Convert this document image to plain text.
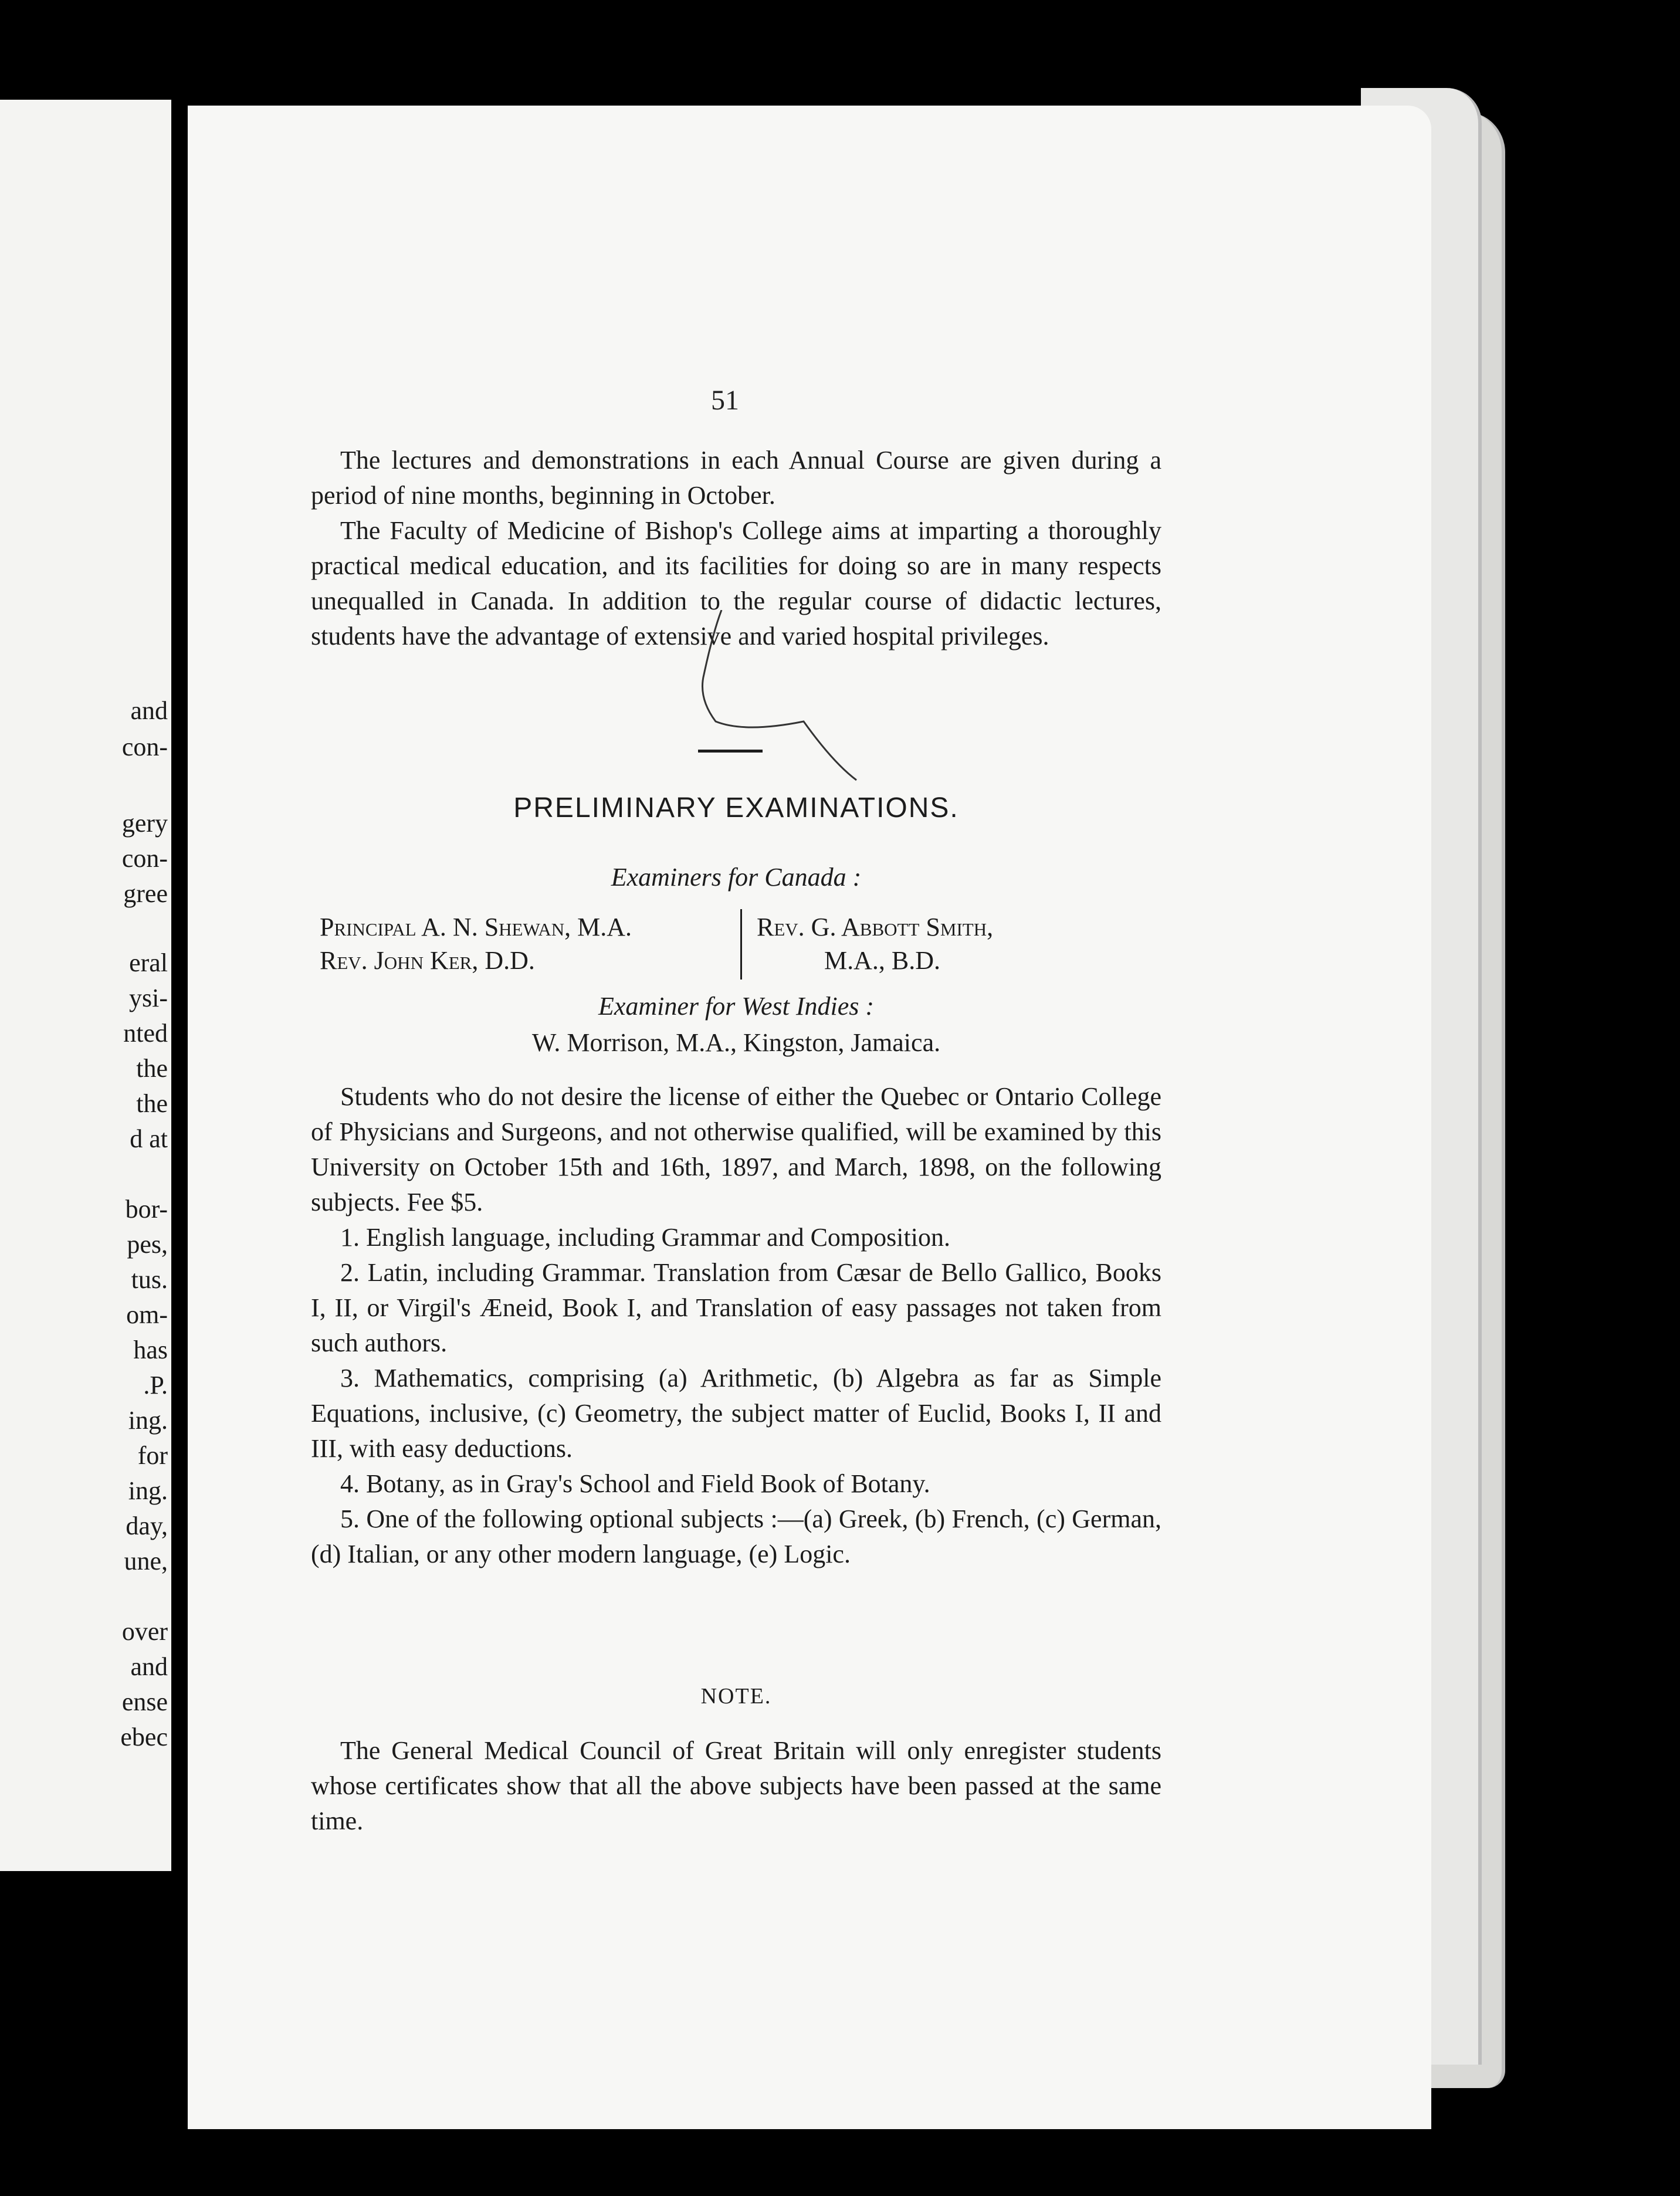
and
con-
gery
con-
gree
eral
ysi-
nted
the
the
d at
bor-
pes,
tus.
om-
has
.P.
ing.
for
ing.
day,
une,
over
and
ense
ebec
51

The lectures and demonstrations in each Annual Course are given during a period of nine months, beginning in October.

The Faculty of Medicine of Bishop's College aims at imparting a thoroughly practical medical education, and its facilities for doing so are in many respects unequalled in Canada. In addition to the regular course of didactic lectures, students have the advantage of extensive and varied hospital privileges.

PRELIMINARY EXAMINATIONS.
Examiners for Canada :
Principal A. N. Shewan, M.A.
Rev. John Ker, D.D.
Rev. G. Abbott Smith,
M.A., B.D.
Examiner for West Indies :
W. Morrison, M.A., Kingston, Jamaica.

Students who do not desire the license of either the Quebec or Ontario College of Physicians and Surgeons, and not otherwise qualified, will be examined by this University on October 15th and 16th, 1897, and March, 1898, on the following subjects. Fee $5.

1. English language, including Grammar and Composition.

2. Latin, including Grammar. Translation from Cæsar de Bello Gallico, Books I, II, or Virgil's Æneid, Book I, and Translation of easy passages not taken from such authors.

3. Mathematics, comprising (a) Arithmetic, (b) Algebra as far as Simple Equations, inclusive, (c) Geometry, the subject matter of Euclid, Books I, II and III, with easy deductions.

4. Botany, as in Gray's School and Field Book of Botany.

5. One of the following optional subjects :—(a) Greek, (b) French, (c) German, (d) Italian, or any other modern language, (e) Logic.

NOTE.

The General Medical Council of Great Britain will only enregister students whose certificates show that all the above subjects have been passed at the same time.
